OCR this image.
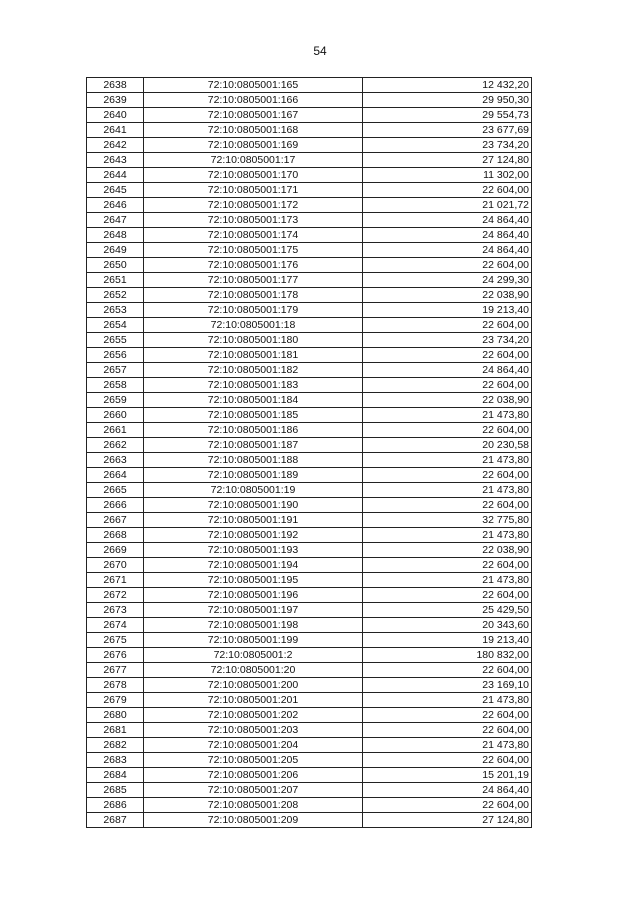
54
2638	72:10:0805001:165	12 432,20
2639	72:10:0805001:166	29 950,30
2640	72:10:0805001:167	29 554,73
2641	72:10:0805001:168	23 677,69
2642	72:10:0805001:169	23 734,20
2643	72:10:0805001:17	27 124,80
2644	72:10:0805001:170	11 302,00
2645	72:10:0805001:171	22 604,00
2646	72:10:0805001:172	21 021,72
2647	72:10:0805001:173	24 864,40
2648	72:10:0805001:174	24 864,40
2649	72:10:0805001:175	24 864,40
2650	72:10:0805001:176	22 604,00
2651	72:10:0805001:177	24 299,30
2652	72:10:0805001:178	22 038,90
2653	72:10:0805001:179	19 213,40
2654	72:10:0805001:18	22 604,00
2655	72:10:0805001:180	23 734,20
2656	72:10:0805001:181	22 604,00
2657	72:10:0805001:182	24 864,40
2658	72:10:0805001:183	22 604,00
2659	72:10:0805001:184	22 038,90
2660	72:10:0805001:185	21 473,80
2661	72:10:0805001:186	22 604,00
2662	72:10:0805001:187	20 230,58
2663	72:10:0805001:188	21 473,80
2664	72:10:0805001:189	22 604,00
2665	72:10:0805001:19	21 473,80
2666	72:10:0805001:190	22 604,00
2667	72:10:0805001:191	32 775,80
2668	72:10:0805001:192	21 473,80
2669	72:10:0805001:193	22 038,90
2670	72:10:0805001:194	22 604,00
2671	72:10:0805001:195	21 473,80
2672	72:10:0805001:196	22 604,00
2673	72:10:0805001:197	25 429,50
2674	72:10:0805001:198	20 343,60
2675	72:10:0805001:199	19 213,40
2676	72:10:0805001:2	180 832,00
2677	72:10:0805001:20	22 604,00
2678	72:10:0805001:200	23 169,10
2679	72:10:0805001:201	21 473,80
2680	72:10:0805001:202	22 604,00
2681	72:10:0805001:203	22 604,00
2682	72:10:0805001:204	21 473,80
2683	72:10:0805001:205	22 604,00
2684	72:10:0805001:206	15 201,19
2685	72:10:0805001:207	24 864,40
2686	72:10:0805001:208	22 604,00
2687	72:10:0805001:209	27 124,80
